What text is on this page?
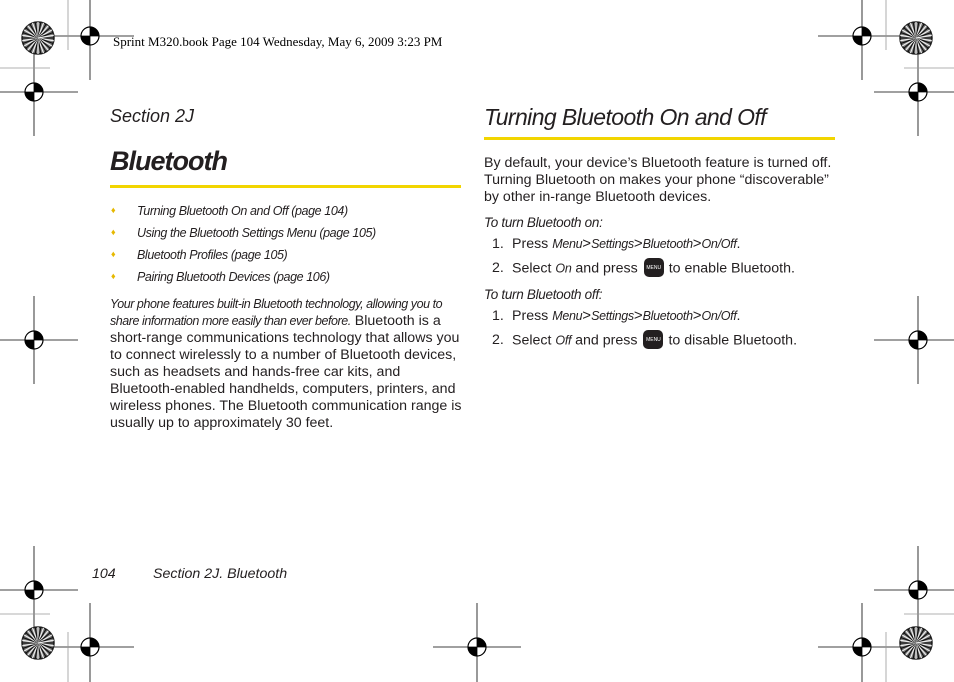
Sprint M320.book Page 104 Wednesday, May 6, 2009 3:23 PM
Section 2J
Bluetooth
♦ Turning Bluetooth On and Off (page 104)
♦ Using the Bluetooth Settings Menu (page 105)
♦ Bluetooth Profiles (page 105)
♦ Pairing Bluetooth Devices (page 106)
Your phone features built-in Bluetooth technology, allowing you to share information more easily than ever before. Bluetooth is a short-range communications technology that allows you to connect wirelessly to a number of Bluetooth devices, such as headsets and hands-free car kits, and Bluetooth-enabled handhelds, computers, printers, and wireless phones. The Bluetooth communication range is usually up to approximately 30 feet.
Turning Bluetooth On and Off
By default, your device’s Bluetooth feature is turned off. Turning Bluetooth on makes your phone “discoverable” by other in-range Bluetooth devices.
To turn Bluetooth on:
1. Press Menu>Settings>Bluetooth>On/Off.
2. Select On and press	MENU

OK
to enable Bluetooth.
To turn Bluetooth off:
1. Press Menu>Settings>Bluetooth>On/Off.
2. Select Off and press	MENU

OK
to disable Bluetooth.
104	Section 2J. Bluetooth
